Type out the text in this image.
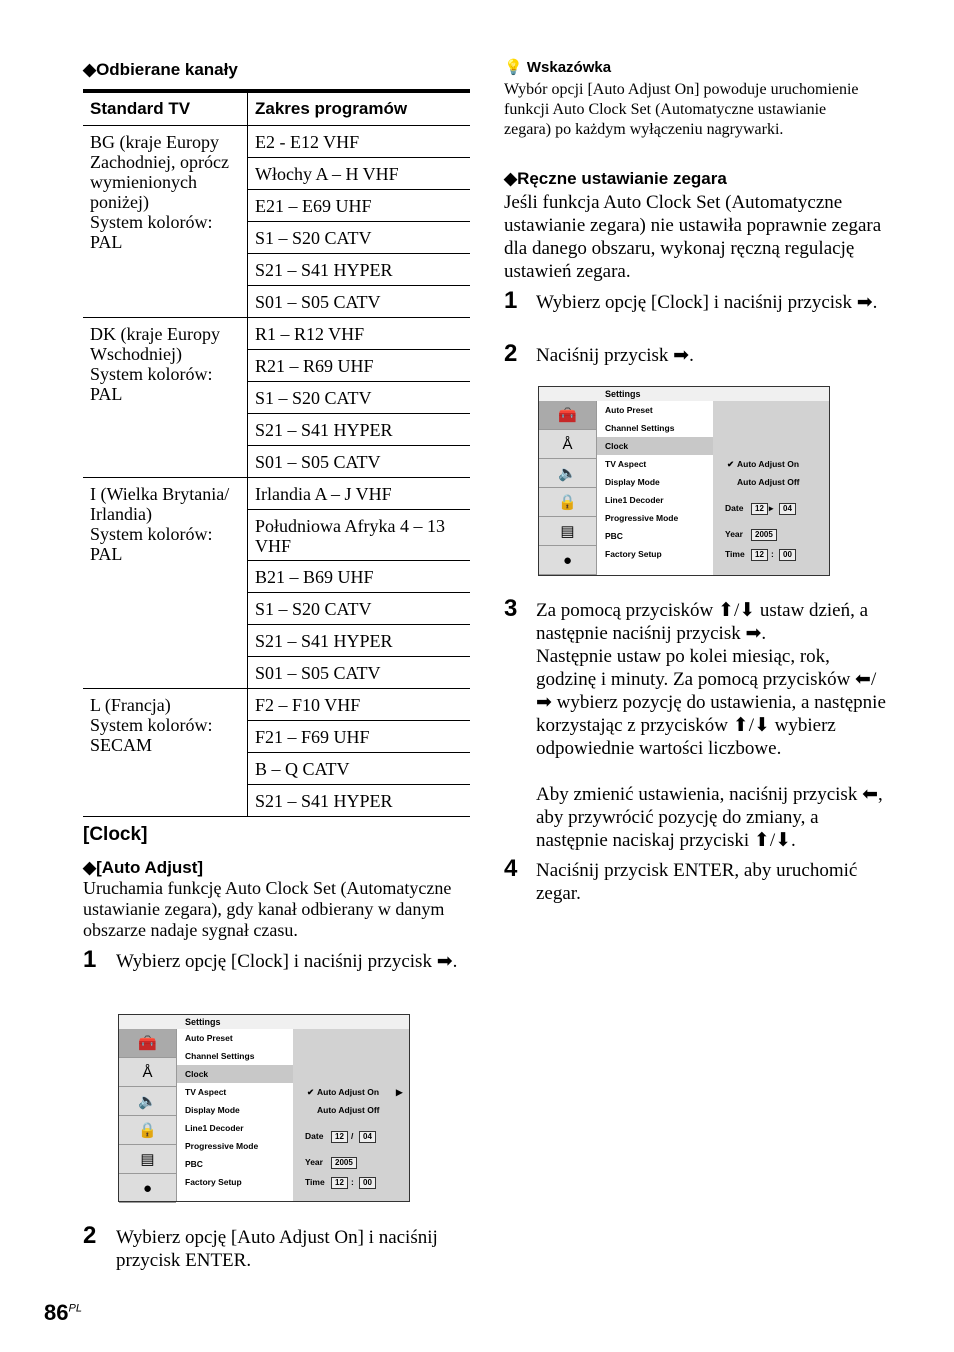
◆Odbierane kanały
Standard TV	Zakres programów
BG (kraje Europy Zachodniej, oprócz wymienionych poniżej)
System kolorów: PAL	E2 - E12 VHF
	Włochy A – H VHF
	E21 – E69 UHF
	S1 – S20 CATV
	S21 – S41 HYPER
	S01 – S05 CATV
DK (kraje Europy Wschodniej)
System kolorów: PAL	R1 – R12 VHF
	R21 – R69 UHF
	S1 – S20 CATV
	S21 – S41 HYPER
	S01 – S05 CATV
I (Wielka Brytania/ Irlandia)
System kolorów: PAL	Irlandia A – J VHF
	Południowa Afryka 4 – 13 VHF
	B21 – B69 UHF
	S1 – S20 CATV
	S21 – S41 HYPER
	S01 – S05 CATV
L (Francja)
System kolorów: SECAM	F2 – F10 VHF
	F21 – F69 UHF
	B – Q CATV
	S21 – S41 HYPER
[Clock]
◆[Auto Adjust]
Uruchamia funkcję Auto Clock Set (Automatyczne ustawianie zegara), gdy kanał odbierany w danym obszarze nadaje sygnał czasu.
1 Wybierz opcję [Clock] i naciśnij przycisk ➡.
Settings
🧰
Å
🔈
🔒
▤
●
Auto Preset
Channel Settings
Clock
TV Aspect
Display Mode
Line1 Decoder
Progressive Mode
PBC
Factory Setup
✔ Auto Adjust On ▶
Auto Adjust Off
Date	12 /	04
Year	2005
Time	12 :	00
2 Wybierz opcję [Auto Adjust On] i naciśnij przycisk ENTER.
$86^{PL}$
💡 Wskazówka
Wybór opcji [Auto Adjust On] powoduje uruchomienie funkcji Auto Clock Set (Automatyczne ustawianie zegara) po każdym wyłączeniu nagrywarki.
◆Ręczne ustawianie zegara
Jeśli funkcja Auto Clock Set (Automatyczne ustawianie zegara) nie ustawiła poprawnie zegara dla danego obszaru, wykonaj ręczną regulację ustawień zegara.
1 Wybierz opcję [Clock] i naciśnij przycisk ➡.
2 Naciśnij przycisk ➡.
Settings
🧰
Å
🔈
🔒
▤
●
Auto Preset
Channel Settings
Clock
TV Aspect
Display Mode
Line1 Decoder
Progressive Mode
PBC
Factory Setup
✔ Auto Adjust On
Auto Adjust Off
Date	12 ▸	04
Year	2005
Time	12 :	00
3 Za pomocą przycisków ⬆/⬇ ustaw dzień, a następnie naciśnij przycisk ➡.
Następnie ustaw po kolei miesiąc, rok, godzinę i minuty. Za pomocą przycisków ⬅/➡ wybierz pozycję do ustawienia, a następnie korzystając z przycisków ⬆/⬇ wybierz odpowiednie wartości liczbowe.

Aby zmienić ustawienia, naciśnij przycisk ⬅, aby przywrócić pozycję do zmiany, a następnie naciskaj przyciski ⬆/⬇.
4 Naciśnij przycisk ENTER, aby uruchomić zegar.
